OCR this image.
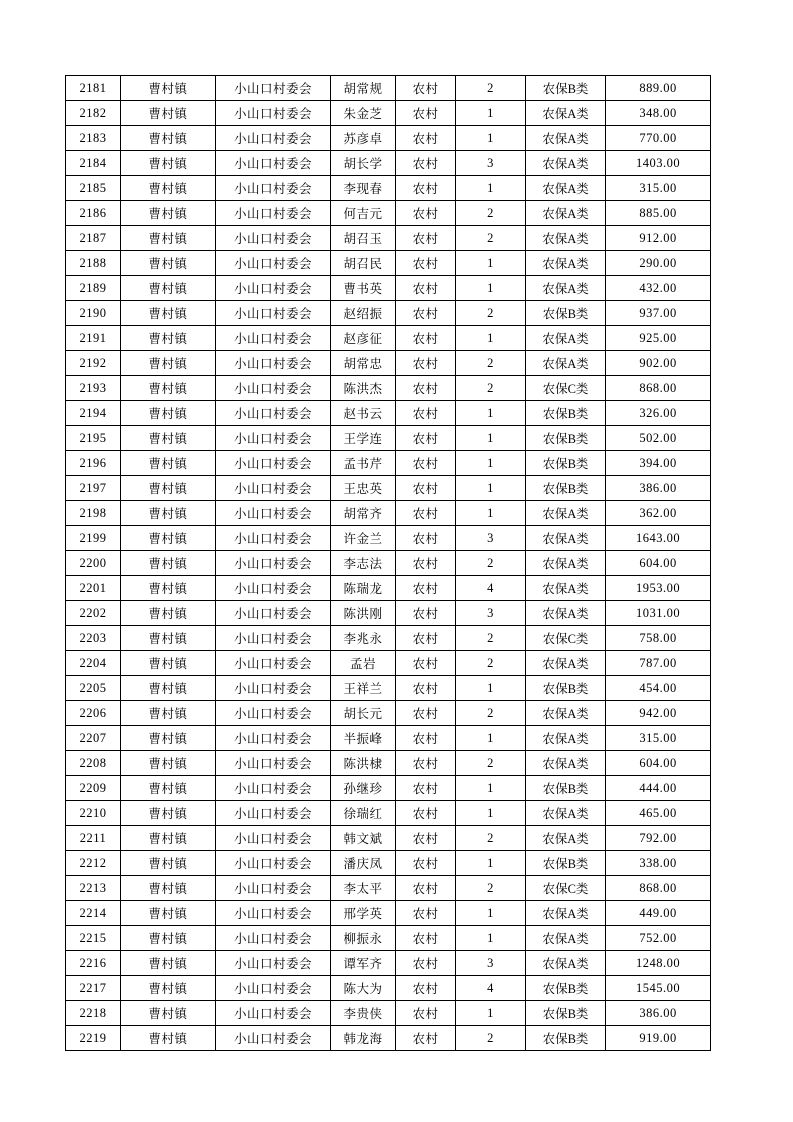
2181	曹村镇	小山口村委会	胡常规	农村	2	农保B类	889.00
2182	曹村镇	小山口村委会	朱金芝	农村	1	农保A类	348.00
2183	曹村镇	小山口村委会	苏彦卓	农村	1	农保A类	770.00
2184	曹村镇	小山口村委会	胡长学	农村	3	农保A类	1403.00
2185	曹村镇	小山口村委会	李现春	农村	1	农保A类	315.00
2186	曹村镇	小山口村委会	何吉元	农村	2	农保A类	885.00
2187	曹村镇	小山口村委会	胡召玉	农村	2	农保A类	912.00
2188	曹村镇	小山口村委会	胡召民	农村	1	农保A类	290.00
2189	曹村镇	小山口村委会	曹书英	农村	1	农保A类	432.00
2190	曹村镇	小山口村委会	赵绍振	农村	2	农保B类	937.00
2191	曹村镇	小山口村委会	赵彦征	农村	1	农保A类	925.00
2192	曹村镇	小山口村委会	胡常忠	农村	2	农保A类	902.00
2193	曹村镇	小山口村委会	陈洪杰	农村	2	农保C类	868.00
2194	曹村镇	小山口村委会	赵书云	农村	1	农保B类	326.00
2195	曹村镇	小山口村委会	王学连	农村	1	农保B类	502.00
2196	曹村镇	小山口村委会	孟书芹	农村	1	农保B类	394.00
2197	曹村镇	小山口村委会	王忠英	农村	1	农保B类	386.00
2198	曹村镇	小山口村委会	胡常齐	农村	1	农保A类	362.00
2199	曹村镇	小山口村委会	许金兰	农村	3	农保A类	1643.00
2200	曹村镇	小山口村委会	李志法	农村	2	农保A类	604.00
2201	曹村镇	小山口村委会	陈瑞龙	农村	4	农保A类	1953.00
2202	曹村镇	小山口村委会	陈洪刚	农村	3	农保A类	1031.00
2203	曹村镇	小山口村委会	李兆永	农村	2	农保C类	758.00
2204	曹村镇	小山口村委会	孟岩	农村	2	农保A类	787.00
2205	曹村镇	小山口村委会	王祥兰	农村	1	农保B类	454.00
2206	曹村镇	小山口村委会	胡长元	农村	2	农保A类	942.00
2207	曹村镇	小山口村委会	半振峰	农村	1	农保A类	315.00
2208	曹村镇	小山口村委会	陈洪棣	农村	2	农保A类	604.00
2209	曹村镇	小山口村委会	孙继珍	农村	1	农保B类	444.00
2210	曹村镇	小山口村委会	徐瑞红	农村	1	农保A类	465.00
2211	曹村镇	小山口村委会	韩文斌	农村	2	农保A类	792.00
2212	曹村镇	小山口村委会	潘庆凤	农村	1	农保B类	338.00
2213	曹村镇	小山口村委会	李太平	农村	2	农保C类	868.00
2214	曹村镇	小山口村委会	邢学英	农村	1	农保A类	449.00
2215	曹村镇	小山口村委会	柳振永	农村	1	农保A类	752.00
2216	曹村镇	小山口村委会	谭军齐	农村	3	农保A类	1248.00
2217	曹村镇	小山口村委会	陈大为	农村	4	农保B类	1545.00
2218	曹村镇	小山口村委会	李贵侠	农村	1	农保B类	386.00
2219	曹村镇	小山口村委会	韩龙海	农村	2	农保B类	919.00
